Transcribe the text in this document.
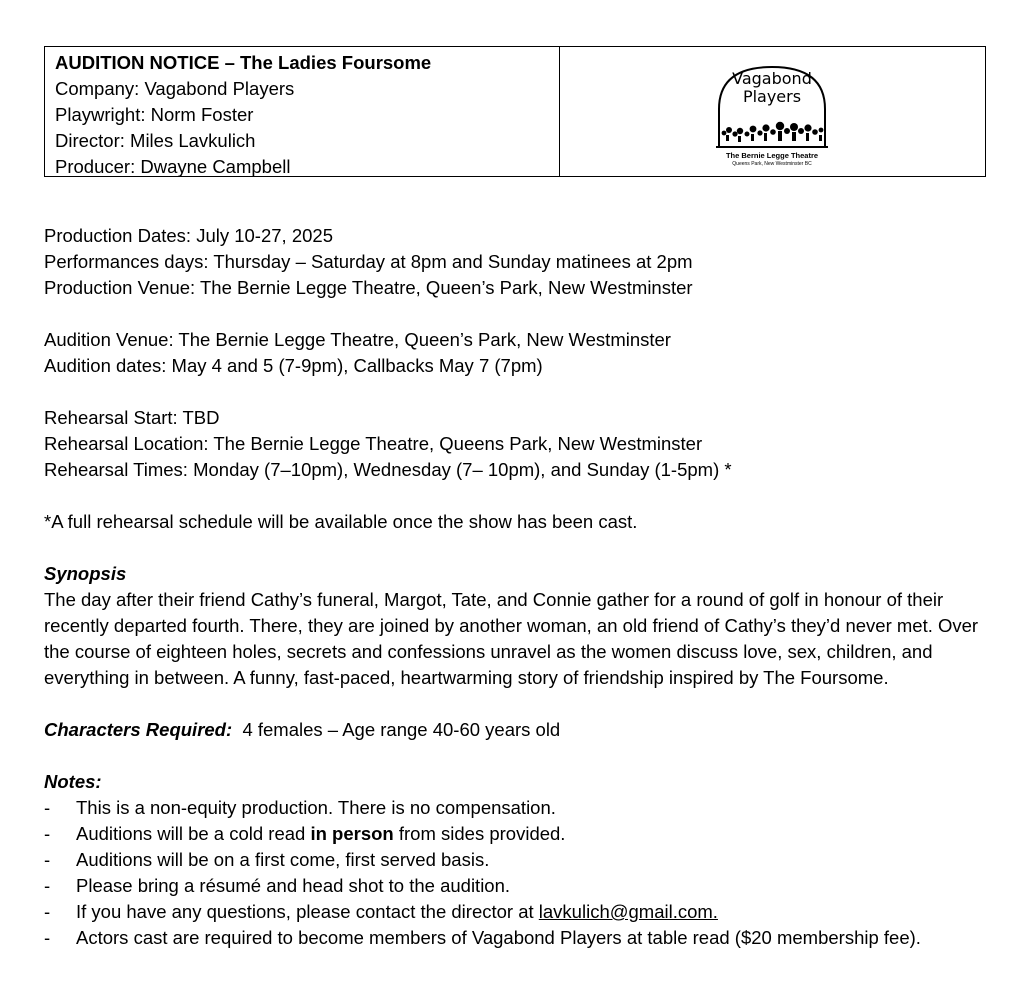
AUDITION NOTICE – The Ladies Foursome
Company: Vagabond Players
Playwright: Norm Foster
Director: Miles Lavkulich
Producer: Dwayne Campbell
Vagabond
Players
The Bernie Legge Theatre
Queens Park, New Westminster BC
Production Dates: July 10-27, 2025
Performances days: Thursday – Saturday at 8pm and Sunday matinees at 2pm
Production Venue: The Bernie Legge Theatre, Queen’s Park, New Westminster
Audition Venue: The Bernie Legge Theatre, Queen’s Park, New Westminster
Audition dates: May 4 and 5 (7-9pm), Callbacks May 7 (7pm)
Rehearsal Start: TBD
Rehearsal Location: The Bernie Legge Theatre, Queens Park, New Westminster
Rehearsal Times: Monday (7–10pm), Wednesday (7– 10pm), and Sunday (1-5pm) *
*A full rehearsal schedule will be available once the show has been cast.
Synopsis
The day after their friend Cathy’s funeral, Margot, Tate, and Connie gather for a round of golf in honour of their recently departed fourth. There, they are joined by another woman, an old friend of Cathy’s they’d never met. Over the course of eighteen holes, secrets and confessions unravel as the women discuss love, sex, children, and everything in between. A funny, fast-paced, heartwarming story of friendship inspired by The Foursome.
Characters Required: 4 females – Age range 40-60 years old
Notes:
- This is a non-equity production. There is no compensation.
- Auditions will be a cold read in person from sides provided.
- Auditions will be on a first come, first served basis.
- Please bring a résumé and head shot to the audition.
- If you have any questions, please contact the director at lavkulich@gmail.com.
- Actors cast are required to become members of Vagabond Players at table read ($20 membership fee).
